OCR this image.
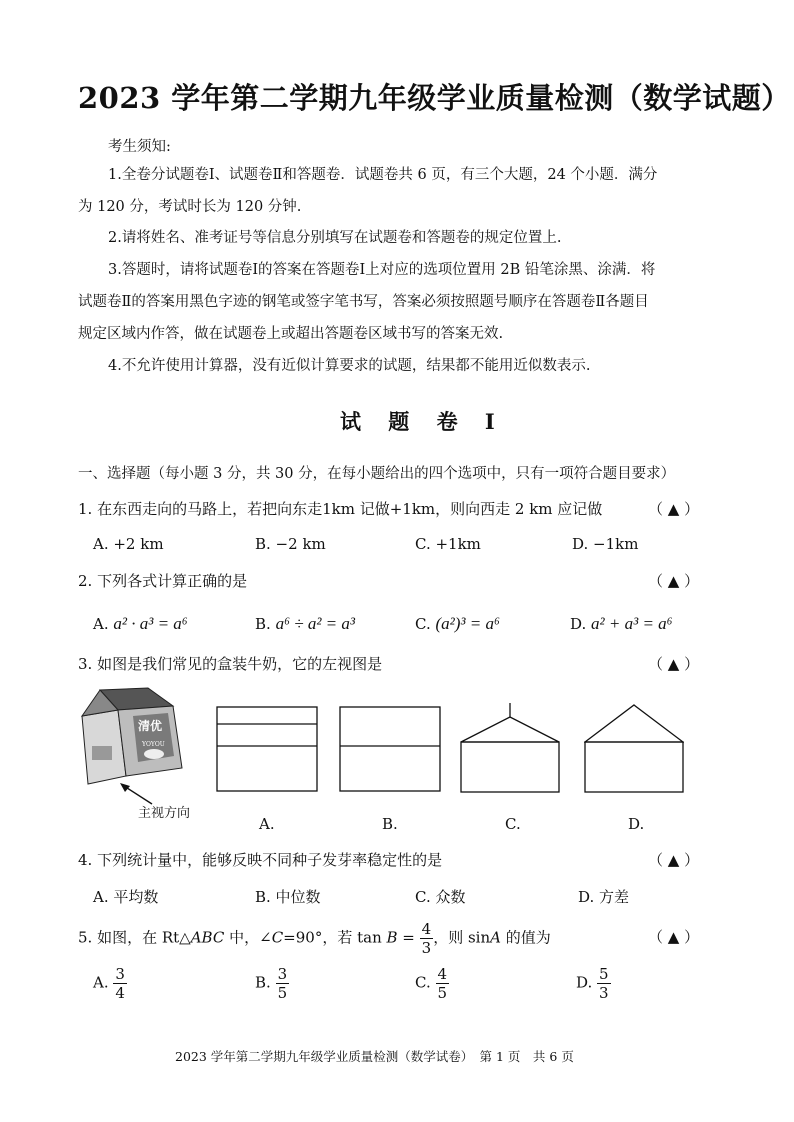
2023 学年第二学期九年级学业质量检测（数学试题）
考生须知:
1.全卷分试题卷Ⅰ、试题卷Ⅱ和答题卷．试题卷共 6 页，有三个大题，24 个小题．满分
为 120 分，考试时长为 120 分钟.
2.请将姓名、准考证号等信息分别填写在试题卷和答题卷的规定位置上.
3.答题时，请将试题卷Ⅰ的答案在答题卷Ⅰ上对应的选项位置用 2B 铅笔涂黑、涂满．将
试题卷Ⅱ的答案用黑色字迹的钢笔或签字笔书写，答案必须按照题号顺序在答题卷Ⅱ各题目
规定区域内作答，做在试题卷上或超出答题卷区域书写的答案无效.
4.不允许使用计算器，没有近似计算要求的试题，结果都不能用近似数表示.
试 题 卷 Ⅰ
一、选择题（每小题 3 分，共 30 分，在每小题给出的四个选项中，只有一项符合题目要求）
1. 在东西走向的马路上，若把向东走1km 记做+1km，则向西走 2 km 应记做	（ ▲ ）
A. +2 km	B. −2 km	C. +1km	D. −1km
2. 下列各式计算正确的是	（ ▲ ）
A. a² · a³ = a⁶	B. a⁶ ÷ a² = a³	C. (a²)³ = a⁶	D. a² + a³ = a⁶
3. 如图是我们常见的盒装牛奶，它的左视图是	（ ▲ ）
清优
YOYOU
主视方向
A.	B.	C.	D.
4. 下列统计量中，能够反映不同种子发芽率稳定性的是	（ ▲ ）
A. 平均数	B. 中位数	C. 众数	D. 方差
5. 如图，在 Rt△ABC 中，∠C=90°，若 $\tan B = \frac{4}{3}$ ，则 sinA 的值为	（ ▲ ）
A. $\frac{3}{4}$	B. $\frac{3}{5}$	C. $\frac{4}{5}$	D. $\frac{5}{3}$
2023 学年第二学期九年级学业质量检测（数学试卷）　第 1 页　共 6 页
